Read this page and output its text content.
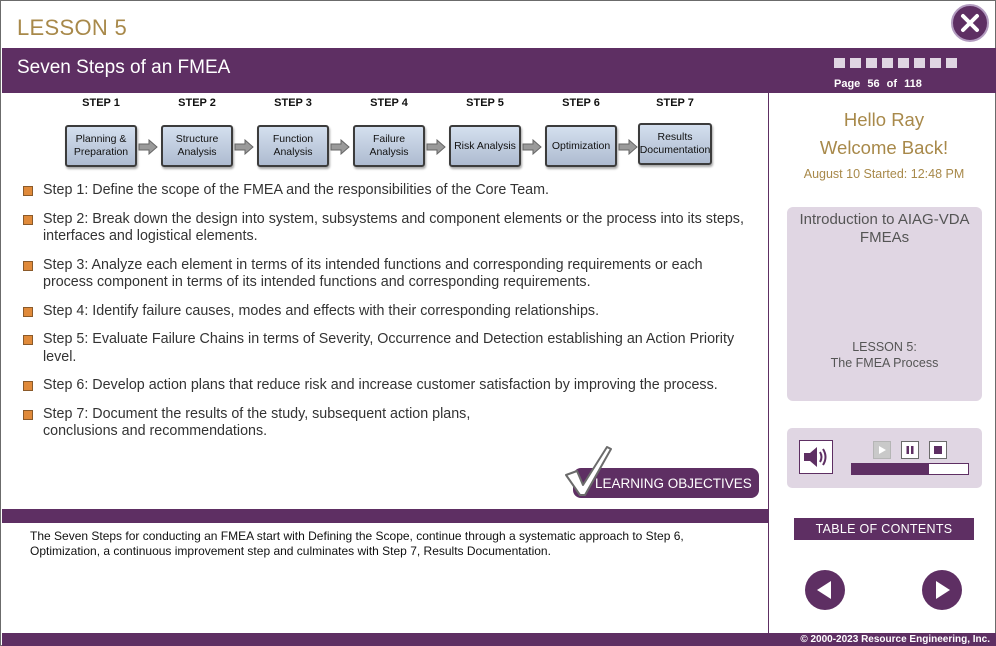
LESSON 5
Seven Steps of an FMEA
Page 56 of 118
STEP 1
Planning & Preparation
STEP 2
Structure Analysis
STEP 3
Function Analysis
STEP 4
Failure Analysis
STEP 5
Risk Analysis
STEP 6
Optimization
STEP 7
Results Documentation
Step 1: Define the scope of the FMEA and the responsibilities of the Core Team.
Step 2: Break down the design into system, subsystems and component elements or the process into its steps, interfaces and logistical elements.
Step 3: Analyze each element in terms of its intended functions and corresponding requirements or each process component in terms of its intended functions and corresponding requirements.
Step 4: Identify failure causes, modes and effects with their corresponding relationships.
Step 5: Evaluate Failure Chains in terms of Severity, Occurrence and Detection establishing an Action Priority level.
Step 6: Develop action plans that reduce risk and increase customer satisfaction by improving the process.
Step 7: Document the results of the study, subsequent action plans, conclusions and recommendations.
LEARNING OBJECTIVES
The Seven Steps for conducting an FMEA start with Defining the Scope, continue through a systematic approach to Step 6, Optimization, a continuous improvement step and culminates with Step 7, Results Documentation.
Hello Ray
Welcome Back!
August 10 Started: 12:48 PM
Introduction to AIAG-VDA FMEAs
LESSON 5:
The FMEA Process
TABLE OF CONTENTS
© 2000-2023 Resource Engineering, Inc.
